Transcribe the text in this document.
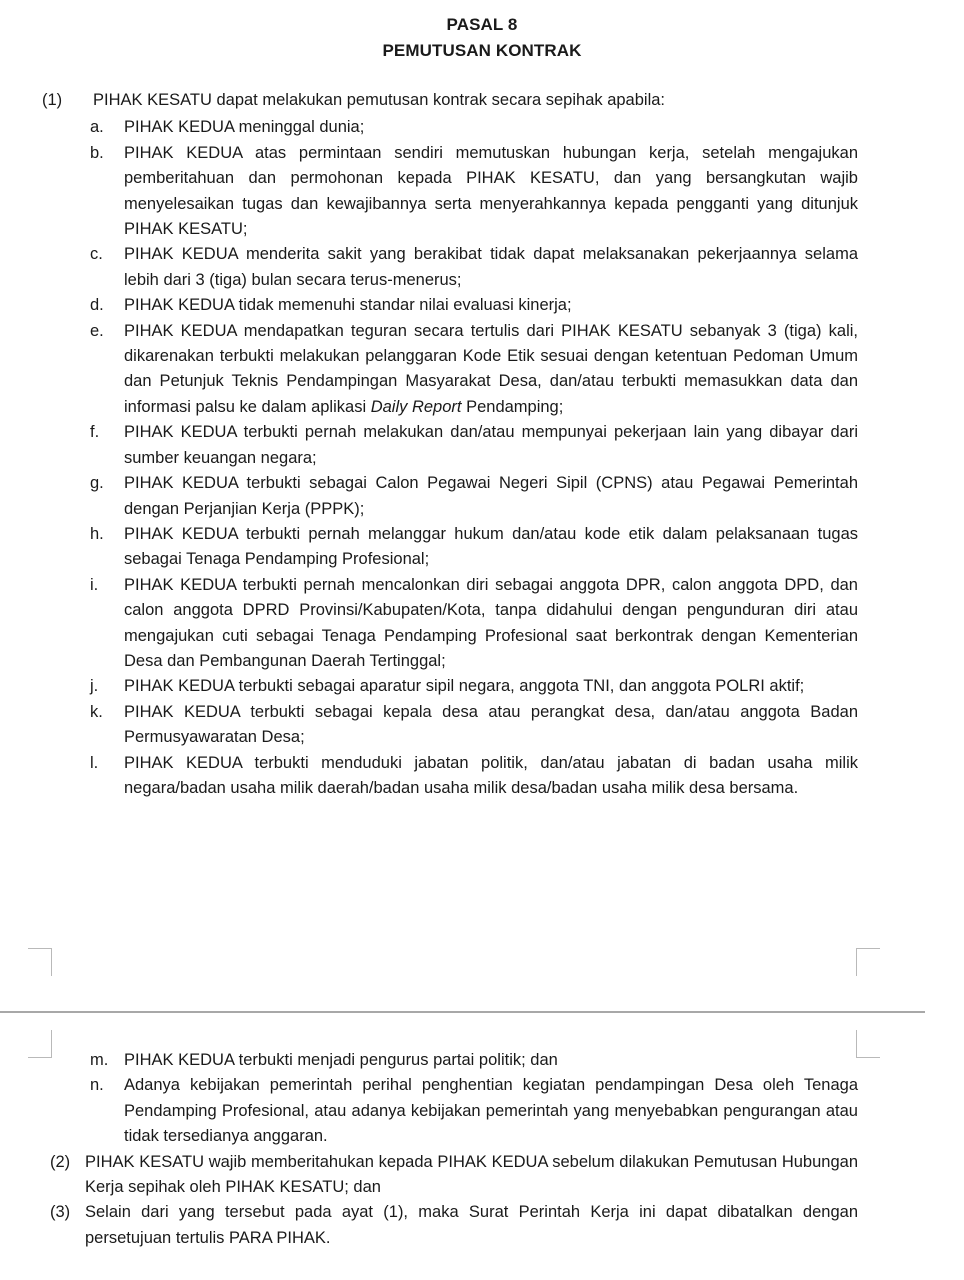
PASAL 8
PEMUTUSAN KONTRAK
(1)	PIHAK KESATU dapat melakukan pemutusan kontrak secara sepihak apabila:
a.	PIHAK KEDUA meninggal dunia;
b.	PIHAK KEDUA atas permintaan sendiri memutuskan hubungan kerja, setelah mengajukan pemberitahuan dan permohonan kepada PIHAK KESATU, dan yang bersangkutan wajib menyelesaikan tugas dan kewajibannya serta menyerahkannya kepada pengganti yang ditunjuk PIHAK KESATU;
c.	PIHAK KEDUA menderita sakit yang berakibat tidak dapat melaksanakan pekerjaannya selama lebih dari 3 (tiga) bulan secara terus-menerus;
d.	PIHAK KEDUA tidak memenuhi standar nilai evaluasi kinerja;
e.	PIHAK KEDUA mendapatkan teguran secara tertulis dari PIHAK KESATU sebanyak 3 (tiga) kali, dikarenakan terbukti melakukan pelanggaran Kode Etik sesuai dengan ketentuan Pedoman Umum dan Petunjuk Teknis Pendampingan Masyarakat Desa, dan/atau terbukti memasukkan data dan informasi palsu ke dalam aplikasi Daily Report Pendamping;
f.	PIHAK KEDUA terbukti pernah melakukan dan/atau mempunyai pekerjaan lain yang dibayar dari sumber keuangan negara;
g.	PIHAK KEDUA terbukti sebagai Calon Pegawai Negeri Sipil (CPNS) atau Pegawai Pemerintah dengan Perjanjian Kerja (PPPK);
h.	PIHAK KEDUA terbukti pernah melanggar hukum dan/atau kode etik dalam pelaksanaan tugas sebagai Tenaga Pendamping Profesional;
i.	PIHAK KEDUA terbukti pernah mencalonkan diri sebagai anggota DPR, calon anggota DPD, dan calon anggota DPRD Provinsi/Kabupaten/Kota, tanpa didahului dengan pengunduran diri atau mengajukan cuti sebagai Tenaga Pendamping Profesional saat berkontrak dengan Kementerian Desa dan Pembangunan Daerah Tertinggal;
j.	PIHAK KEDUA terbukti sebagai aparatur sipil negara, anggota TNI, dan anggota POLRI aktif;
k.	PIHAK KEDUA terbukti sebagai kepala desa atau perangkat desa, dan/atau anggota Badan Permusyawaratan Desa;
l.	PIHAK KEDUA terbukti menduduki jabatan politik, dan/atau jabatan di badan usaha milik negara/badan usaha milik daerah/badan usaha milik desa/badan usaha milik desa bersama.
m. PIHAK KEDUA terbukti menjadi pengurus partai politik; dan
n.	Adanya kebijakan pemerintah perihal penghentian kegiatan pendampingan Desa oleh Tenaga Pendamping Profesional, atau adanya kebijakan pemerintah yang menyebabkan pengurangan atau tidak tersedianya anggaran.
(2) PIHAK KESATU wajib memberitahukan kepada PIHAK KEDUA sebelum dilakukan Pemutusan Hubungan Kerja sepihak oleh PIHAK KESATU; dan
(3) Selain dari yang tersebut pada ayat (1), maka Surat Perintah Kerja ini dapat dibatalkan dengan persetujuan tertulis PARA PIHAK.
